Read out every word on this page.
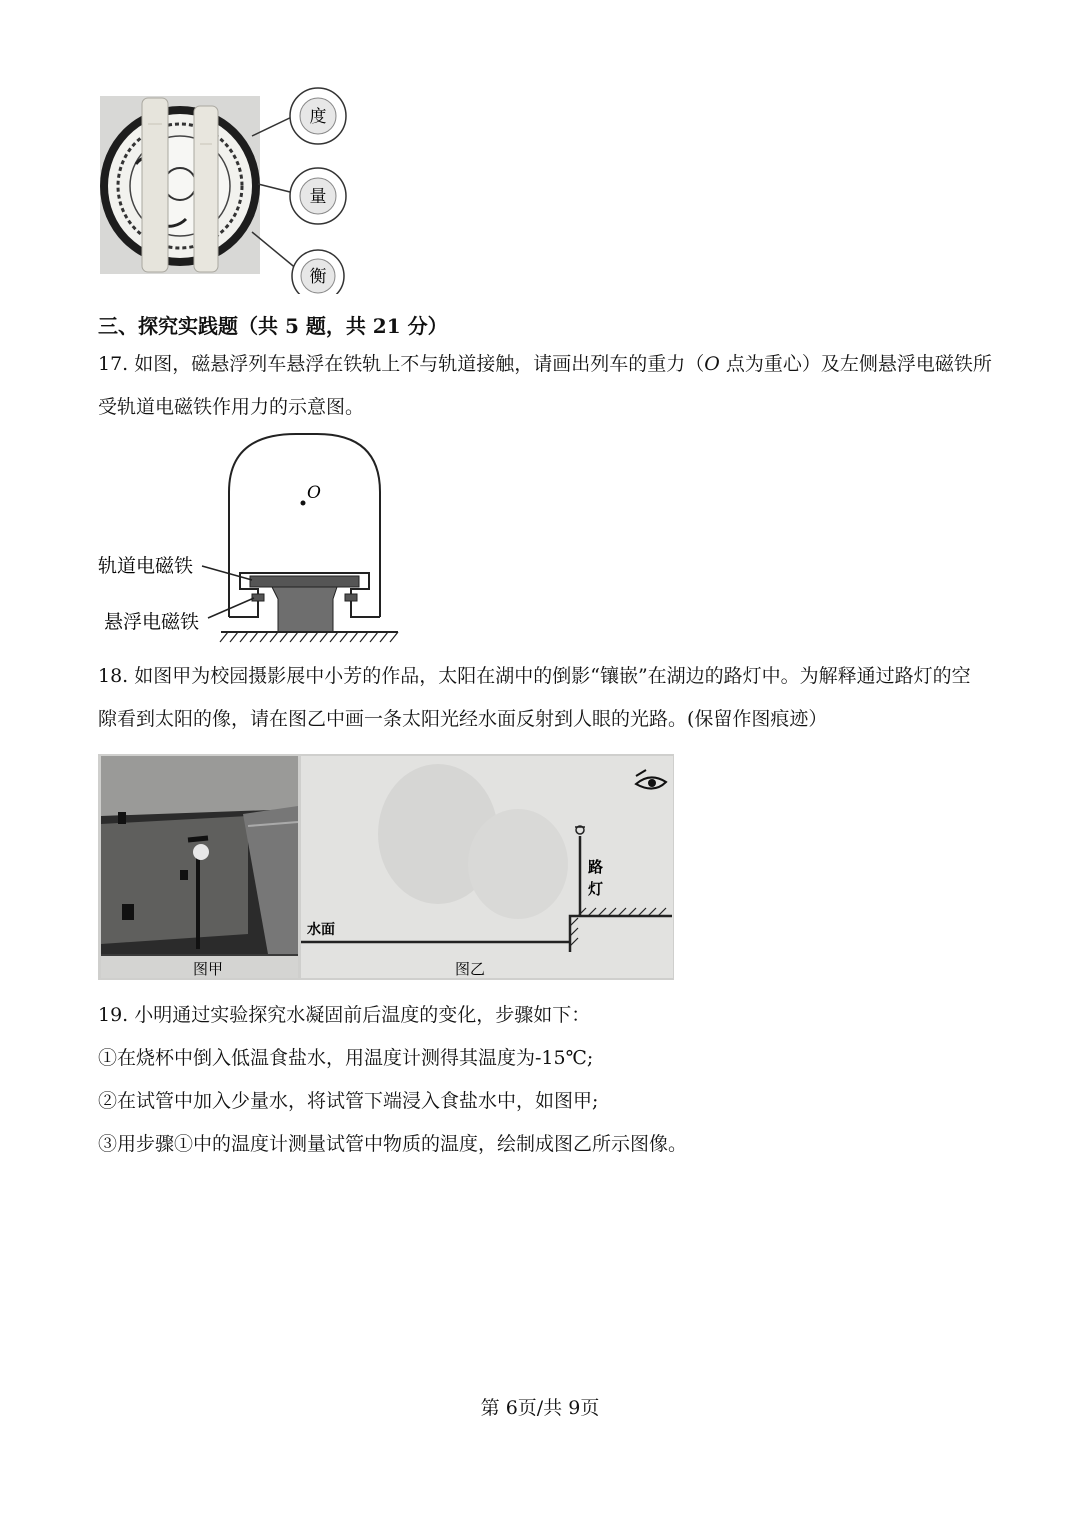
度
量
衡
三、探究实践题（共 5 题，共 21 分）
17. 如图，磁悬浮列车悬浮在铁轨上不与轨道接触，请画出列车的重力（O 点为重心）及左侧悬浮电磁铁所
受轨道电磁铁作用力的示意图。
O
轨道电磁铁
悬浮电磁铁
18. 如图甲为校园摄影展中小芳的作品，太阳在湖中的倒影“镶嵌”在湖边的路灯中。为解释通过路灯的空
隙看到太阳的像，请在图乙中画一条太阳光经水面反射到人眼的光路。(保留作图痕迹）
图甲
水面
路
灯
图乙
19. 小明通过实验探究水凝固前后温度的变化，步骤如下：
①在烧杯中倒入低温食盐水，用温度计测得其温度为-15℃;
②在试管中加入少量水，将试管下端浸入食盐水中，如图甲;
③用步骤①中的温度计测量试管中物质的温度，绘制成图乙所示图像。
第 6页/共 9页
